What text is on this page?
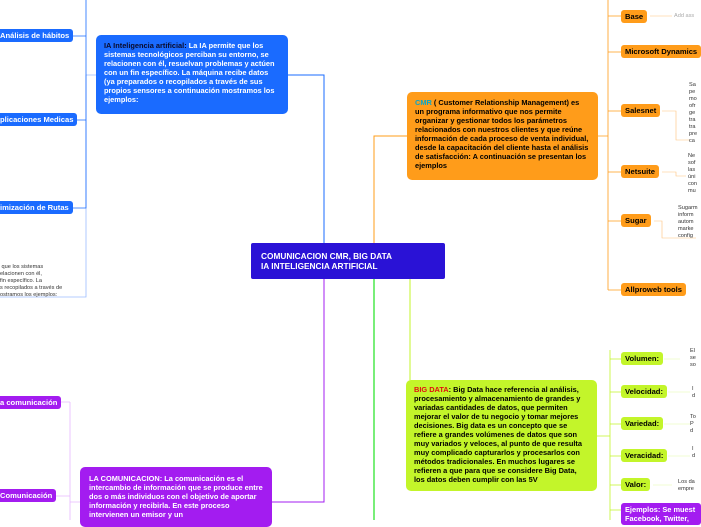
COMUNICACION CMR, BIG DATA
IA INTELIGENCIA ARTIFICIAL
IA Inteligencia artificial: La IA permite que los sistemas tecnológicos perciban su entorno, se relacionen con él, resuelvan problemas y actúen con un fin específico. La máquina recibe datos (ya preparados o recopilados a través de sus propios sensores a continuación mostramos los ejemplos:
Análisis de hábitos
plicaciones Medicas
imización de Rutas
que los sistemas
elacionen con él,
fin específico. La
s recopilados a través de
ostramos los ejemplos:
CMR ( Customer Relationship Management) es un programa informativo que nos permite organizar y gestionar todos los parámetros relacionados con nuestros clientes y que reúne información de cada proceso de venta individual, desde la capacitación del cliente hasta el análisis de satisfacción: A continuación se presentan los ejemplos
Base	Add ass
Microsoft Dynamics
Salesnet
Sa
pe
mo
ofr
ge
tra
tra
pre
ca
Netsuite
Ne
sof
las
úni
con
mu
Sugar
Sugarm
inform
autom
marke
config
Allproweb tools
BIG DATA: Big Data hace referencia al análisis, procesamiento y almacenamiento de grandes y variadas cantidades de datos, que permiten mejorar el valor de tu negocio y tomar mejores decisiones. Big data es un concepto que se refiere a grandes volúmenes de datos que son muy variados y veloces, al punto de que resulta muy complicado capturarlos y procesarlos con métodos tradicionales. En muchos lugares se refieren a que para que se considere Big Data, los datos deben cumplir con las 5V
Volumen:
El
se
so
Velocidad:	
I
d
Variedad:
To
P
d
Veracidad:
I
d
Valor:	Los da
empre
Ejemplos: Se muest
Facebook, Twitter,
LA COMUNICACION: La comunicación es el intercambio de información que se produce entre dos o más individuos con el objetivo de aportar información y recibirla. En este proceso intervienen un emisor y un
a comunicación
Comunicación
